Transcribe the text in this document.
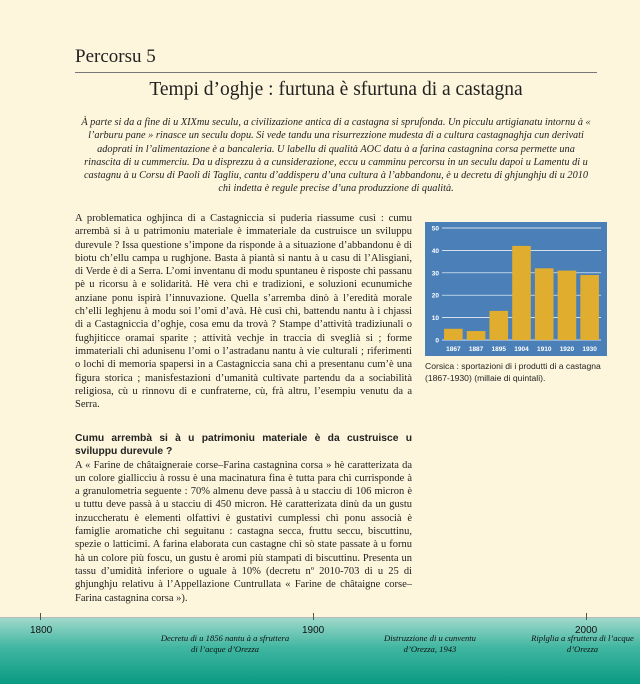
Percorsu 5
Tempi d’oghje : furtuna è sfurtuna di a castagna
À parte si da a fine di u XIXmu seculu, a civilizazione antica di a castagna si sprufonda. Un picculu artigianatu intornu à « l’arburu pane » rinasce un seculu dopu. Si vede tandu una risurrezzione mudesta di a cultura castagnaghja cun derivati adoprati in l’alimentazione è a bancaleria. U labellu di qualità AOC datu à a farina castagnina corsa permette una rinascita di u cummerciu. Da u disprezzu à a cunsiderazione, eccu u camminu percorsu in un seculu dapoi u Lamentu di u castagnu à u Corsu di Paoli di Tagliu, cantu d’addisperu d’una cultura à l’abbandonu, è u decretu di ghjunghju di u 2010 chì indetta è regule precise d’una produzzione di qualità.
A problematica oghjinca di a Castagniccia si puderia riassume cusì : cumu arrembà si à u patrimoniu materiale è immateriale da custruisce un sviluppu durevule ? Issa questione s’impone da risponde à a situazione d’abbandonu è di biotu ch’ellu campa u rughjone. Basta à piantà si nantu à u casu di l’Alisgiani, di Verde è di a Serra. L’omi inventanu di modu spuntaneu è risposte chì passanu pè u ricorsu à e solidarità. Hè vera chì e tradizioni, e soluzioni ecunumiche anziane ponu ispirà l’innuvazione. Quella s’arremba dinò à l’eredità morale ch’elli leghjenu à modu soi l’omi d’avà. Hè cusì chì, battendu nantu à i chjassi di a Castagniccia d’oghje, cosa emu da trovà ? Stampe d’attività tradiziunali o fughjiticce oramai sparite ; attività vechje in traccia di sveglià si ; forme immateriali chì adunisenu l’omi o l’astradanu nantu à vie culturali ; riferimenti o lochi di memoria spapersi in a Castagniccia sana chì a presentanu cum’è una figura storica ; manisfestazioni d’umanità cultivate partendu da a sociabilità religiosa, cù u rinnovu di e cunfraterne, cù, frà altru, l’esempiu venutu da a Serra.
Cumu arrembà si à u patrimoniu materiale è da custruisce u sviluppu durevule ?
A « Farine de châtaigneraie corse–Farina castagnina corsa » hè caratterizata da un colore gialliccìu à rossu è una macinatura fina è tutta para chì currisponde à a granulometria seguente : 70% almenu deve passà à u stacciu di 106 micron è u tuttu deve passà à u stacciu di 450 micron. Hè caratterizata dinù da un gustu inzuccheratu è elementi olfattivi è gustativi cumplessi chì ponu associà è famiglie aromatiche chì seguitanu : castagna secca, fruttu seccu, biscuttinu, spezie o latticimi. A farina elaborata cun castagne chì sò state passate à u fornu hà un colore più foscu, un gustu è aromi più stampati di biscuttinu. Presenta un tassu d’umidità inferiore o uguale à 10% (decretu nº 2010-703 di u 25 di ghjunghju relativu à l’Appellazione Cuntrullata « Farine de châtaigne corse–Farina castagnina corsa »).
0
10
20
30
40
50
1867 1887 1895 1904 1910 1920 1930
Corsica : sportazioni di i produtti di a castagna (1867-1930) (millaie di quintali).
1800	1900	2000
Decretu di u 1856 nantu à a sfruttera di l’acque d’Orezza
Distruzzione di u cunventu d’Orezza, 1943
Riplglia a sfruttera di l’acque d’Orezza
